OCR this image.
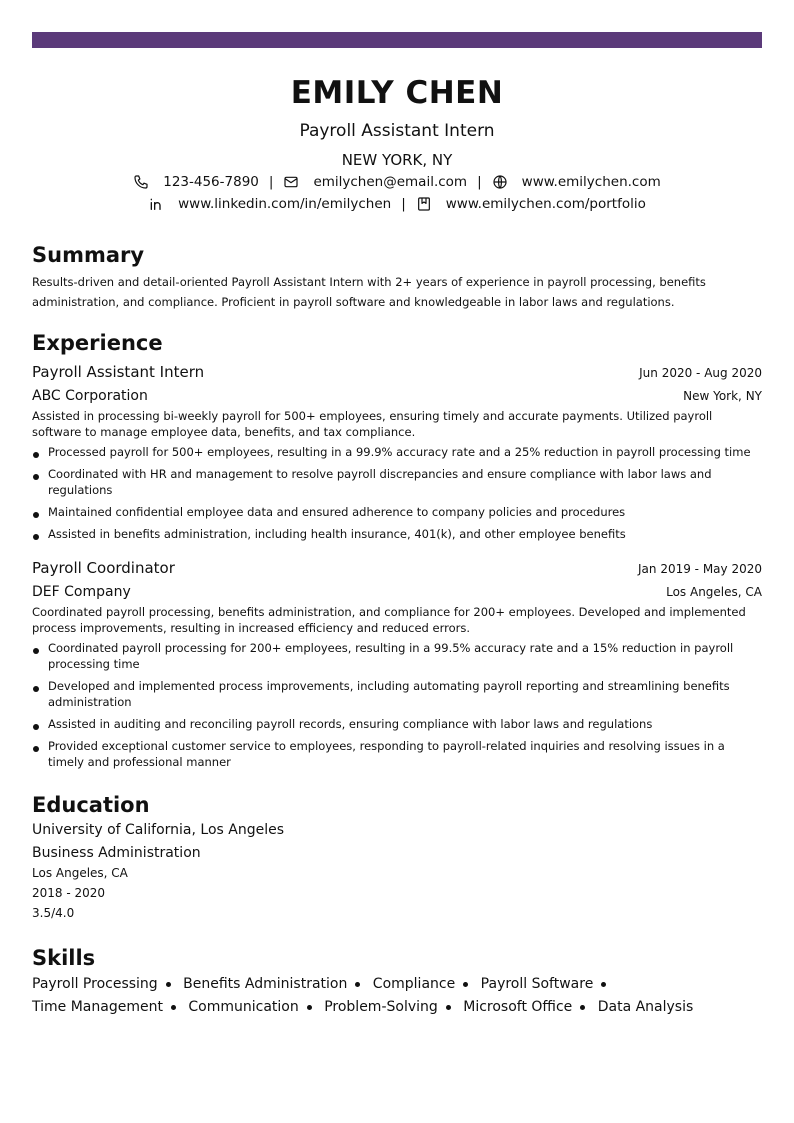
EMILY CHEN
Payroll Assistant Intern
NEW YORK, NY
123-456-7890 |	emilychen@email.com |	www.emilychen.com
www.linkedin.com/in/emilychen |	www.emilychen.com/portfolio
Summary
Results-driven and detail-oriented Payroll Assistant Intern with 2+ years of experience in payroll processing, benefits administration, and compliance. Proficient in payroll software and knowledgeable in labor laws and regulations.
Experience
Payroll Assistant Intern	Jun 2020 - Aug 2020
ABC Corporation	New York, NY
Assisted in processing bi-weekly payroll for 500+ employees, ensuring timely and accurate payments. Utilized payroll software to manage employee data, benefits, and tax compliance.
Processed payroll for 500+ employees, resulting in a 99.9% accuracy rate and a 25% reduction in payroll processing time
Coordinated with HR and management to resolve payroll discrepancies and ensure compliance with labor laws and regulations
Maintained confidential employee data and ensured adherence to company policies and procedures
Assisted in benefits administration, including health insurance, 401(k), and other employee benefits
Payroll Coordinator	Jan 2019 - May 2020
DEF Company	Los Angeles, CA
Coordinated payroll processing, benefits administration, and compliance for 200+ employees. Developed and implemented process improvements, resulting in increased efficiency and reduced errors.
Coordinated payroll processing for 200+ employees, resulting in a 99.5% accuracy rate and a 15% reduction in payroll processing time
Developed and implemented process improvements, including automating payroll reporting and streamlining benefits administration
Assisted in auditing and reconciling payroll records, ensuring compliance with labor laws and regulations
Provided exceptional customer service to employees, responding to payroll-related inquiries and resolving issues in a timely and professional manner
Education
University of California, Los Angeles
Business Administration
Los Angeles, CA
2018 - 2020
3.5/4.0
Skills
Payroll Processing Benefits Administration Compliance Payroll Software Time Management Communication Problem-Solving Microsoft Office Data Analysis
